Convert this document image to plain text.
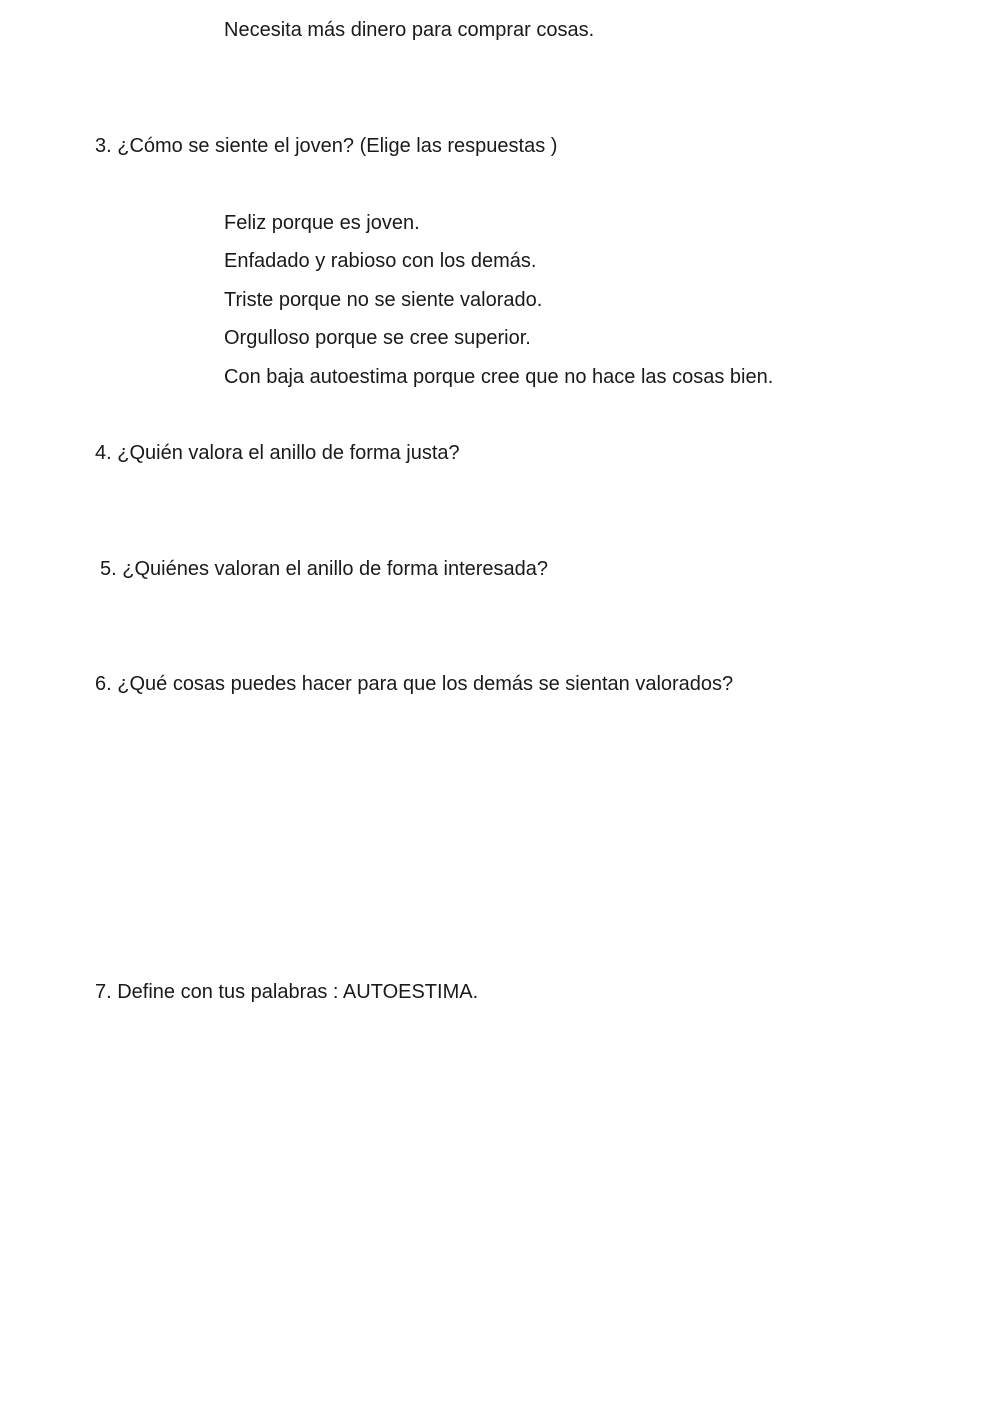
Necesita más dinero para comprar cosas.

3. ¿Cómo se siente el joven? (Elige las respuestas )

Feliz porque es joven.

Enfadado y rabioso con los demás.

Triste porque no se siente valorado.

Orgulloso porque se cree superior.

Con baja autoestima porque cree que no hace las cosas bien.

4. ¿Quién valora el anillo de forma justa?

5. ¿Quiénes valoran el anillo de forma interesada?

6. ¿Qué cosas puedes hacer para que los demás se sientan valorados?

7. Define con tus palabras : AUTOESTIMA.
